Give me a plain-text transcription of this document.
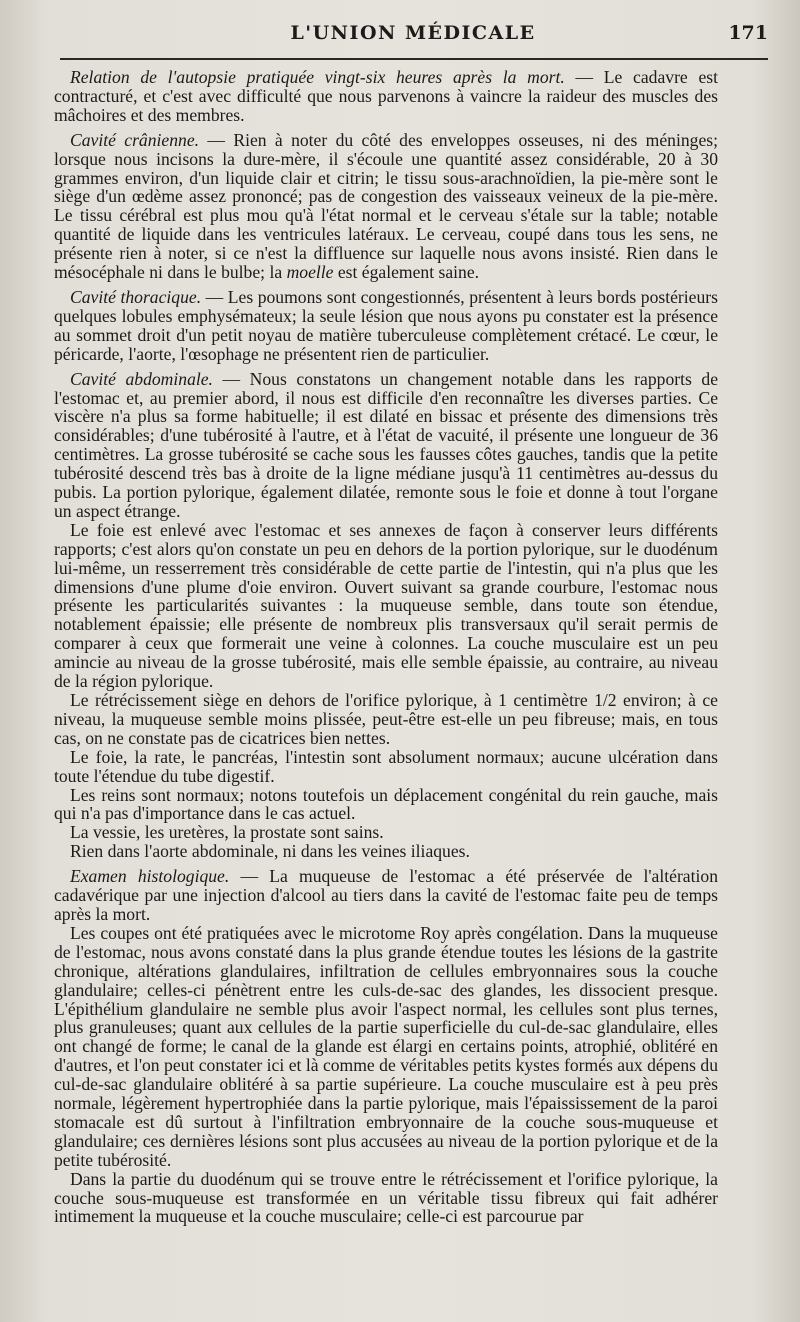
L'UNION MÉDICALE	171

Relation de l'autopsie pratiquée vingt-six heures après la mort. — Le cadavre est contracturé, et c'est avec difficulté que nous parvenons à vaincre la raideur des muscles des mâchoires et des membres.

Cavité crânienne. — Rien à noter du côté des enveloppes osseuses, ni des méninges; lorsque nous incisons la dure-mère, il s'écoule une quantité assez considérable, 20 à 30 grammes environ, d'un liquide clair et citrin; le tissu sous-arachnoïdien, la pie-mère sont le siège d'un œdème assez prononcé; pas de congestion des vaisseaux veineux de la pie-mère. Le tissu cérébral est plus mou qu'à l'état normal et le cerveau s'étale sur la table; notable quantité de liquide dans les ventricules latéraux. Le cerveau, coupé dans tous les sens, ne présente rien à noter, si ce n'est la diffluence sur laquelle nous avons insisté. Rien dans le mésocéphale ni dans le bulbe; la moelle est également saine.

Cavité thoracique. — Les poumons sont congestionnés, présentent à leurs bords postérieurs quelques lobules emphysémateux; la seule lésion que nous ayons pu constater est la présence au sommet droit d'un petit noyau de matière tuberculeuse complètement crétacé. Le cœur, le péricarde, l'aorte, l'œsophage ne présentent rien de particulier.

Cavité abdominale. — Nous constatons un changement notable dans les rapports de l'estomac et, au premier abord, il nous est difficile d'en reconnaître les diverses parties. Ce viscère n'a plus sa forme habituelle; il est dilaté en bissac et présente des dimensions très considérables; d'une tubérosité à l'autre, et à l'état de vacuité, il présente une longueur de 36 centimètres. La grosse tubérosité se cache sous les fausses côtes gauches, tandis que la petite tubérosité descend très bas à droite de la ligne médiane jusqu'à 11 centimètres au-dessus du pubis. La portion pylorique, également dilatée, remonte sous le foie et donne à tout l'organe un aspect étrange.

Le foie est enlevé avec l'estomac et ses annexes de façon à conserver leurs différents rapports; c'est alors qu'on constate un peu en dehors de la portion pylorique, sur le duodénum lui-même, un resserrement très considérable de cette partie de l'intestin, qui n'a plus que les dimensions d'une plume d'oie environ. Ouvert suivant sa grande courbure, l'estomac nous présente les particularités suivantes : la muqueuse semble, dans toute son étendue, notablement épaissie; elle présente de nombreux plis transversaux qu'il serait permis de comparer à ceux que formerait une veine à colonnes. La couche musculaire est un peu amincie au niveau de la grosse tubérosité, mais elle semble épaissie, au contraire, au niveau de la région pylorique.

Le rétrécissement siège en dehors de l'orifice pylorique, à 1 centimètre 1/2 environ; à ce niveau, la muqueuse semble moins plissée, peut-être est-elle un peu fibreuse; mais, en tous cas, on ne constate pas de cicatrices bien nettes.

Le foie, la rate, le pancréas, l'intestin sont absolument normaux; aucune ulcération dans toute l'étendue du tube digestif.

Les reins sont normaux; notons toutefois un déplacement congénital du rein gauche, mais qui n'a pas d'importance dans le cas actuel.

La vessie, les uretères, la prostate sont sains.

Rien dans l'aorte abdominale, ni dans les veines iliaques.

Examen histologique. — La muqueuse de l'estomac a été préservée de l'altération cadavérique par une injection d'alcool au tiers dans la cavité de l'estomac faite peu de temps après la mort.

Les coupes ont été pratiquées avec le microtome Roy après congélation. Dans la muqueuse de l'estomac, nous avons constaté dans la plus grande étendue toutes les lésions de la gastrite chronique, altérations glandulaires, infiltration de cellules embryonnaires sous la couche glandulaire; celles-ci pénètrent entre les culs-de-sac des glandes, les dissocient presque. L'épithélium glandulaire ne semble plus avoir l'aspect normal, les cellules sont plus ternes, plus granuleuses; quant aux cellules de la partie superficielle du cul-de-sac glandulaire, elles ont changé de forme; le canal de la glande est élargi en certains points, atrophié, oblitéré en d'autres, et l'on peut constater ici et là comme de véritables petits kystes formés aux dépens du cul-de-sac glandulaire oblitéré à sa partie supérieure. La couche musculaire est à peu près normale, légèrement hypertrophiée dans la partie pylorique, mais l'épaississement de la paroi stomacale est dû surtout à l'infiltration embryonnaire de la couche sous-muqueuse et glandulaire; ces dernières lésions sont plus accusées au niveau de la portion pylorique et de la petite tubérosité.

Dans la partie du duodénum qui se trouve entre le rétrécissement et l'orifice pylorique, la couche sous-muqueuse est transformée en un véritable tissu fibreux qui fait adhérer intimement la muqueuse et la couche musculaire; celle-ci est parcourue par
